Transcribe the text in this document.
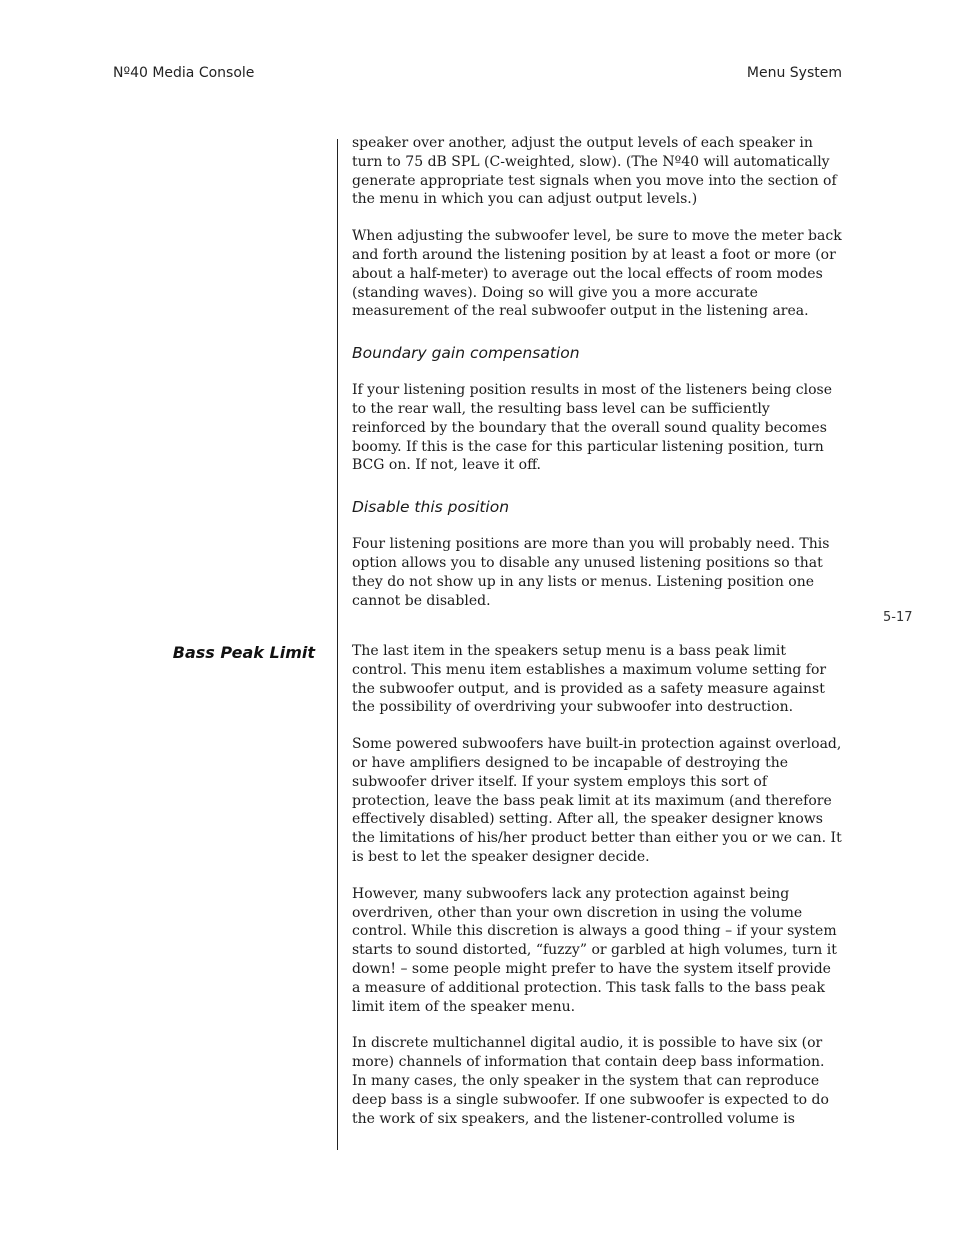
Nº40 Media Console	Menu System

speaker over another, adjust the output levels of each speaker in turn to 75 dB SPL (C-weighted, slow). (The Nº40 will automatically generate appropriate test signals when you move into the section of the menu in which you can adjust output levels.)

When adjusting the subwoofer level, be sure to move the meter back and forth around the listening position by at least a foot or more (or about a half-meter) to average out the local effects of room modes (standing waves). Doing so will give you a more accurate measurement of the real subwoofer output in the listening area.

Boundary gain compensation

If your listening position results in most of the listeners being close to the rear wall, the resulting bass level can be sufficiently reinforced by the boundary that the overall sound quality becomes boomy. If this is the case for this particular listening position, turn BCG on. If not, leave it off.

Disable this position

Four listening positions are more than you will probably need. This option allows you to disable any unused listening positions so that they do not show up in any lists or menus. Listening position one cannot be disabled.

5-17
Bass Peak Limit	The last item in the speakers setup menu is a bass peak limit control. This menu item establishes a maximum volume setting for the subwoofer output, and is provided as a safety measure against the possibility of overdriving your subwoofer into destruction.

Some powered subwoofers have built-in protection against overload, or have amplifiers designed to be incapable of destroying the subwoofer driver itself. If your system employs this sort of protection, leave the bass peak limit at its maximum (and therefore effectively disabled) setting. After all, the speaker designer knows the limitations of his/her product better than either you or we can. It is best to let the speaker designer decide.

However, many subwoofers lack any protection against being overdriven, other than your own discretion in using the volume control. While this discretion is always a good thing – if your system starts to sound distorted, “fuzzy” or garbled at high volumes, turn it down! – some people might prefer to have the system itself provide a measure of additional protection. This task falls to the bass peak limit item of the speaker menu.

In discrete multichannel digital audio, it is possible to have six (or more) channels of information that contain deep bass information. In many cases, the only speaker in the system that can reproduce deep bass is a single subwoofer. If one subwoofer is expected to do the work of six speakers, and the listener-controlled volume is
